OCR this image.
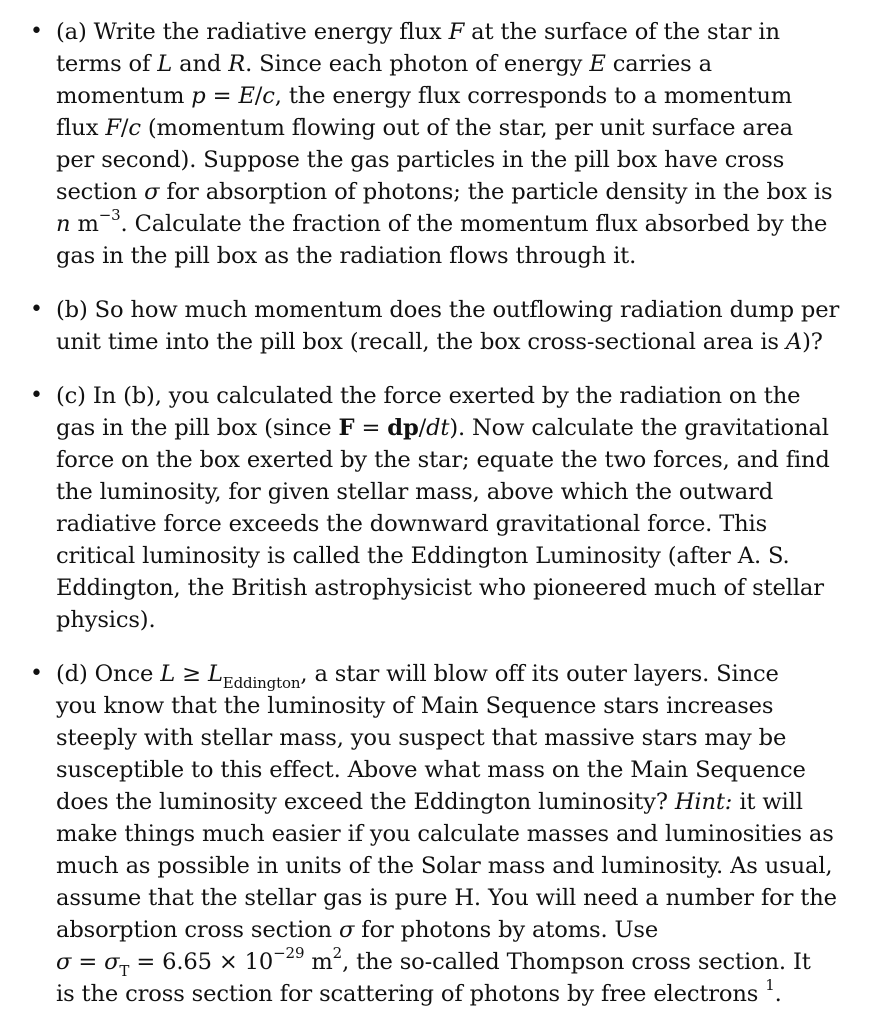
• (a) Write the radiative energy flux F at the surface of the star in
terms of L and R. Since each photon of energy E carries a
momentum p = E/c, the energy flux corresponds to a momentum
flux F/c (momentum flowing out of the star, per unit surface area
per second). Suppose the gas particles in the pill box have cross
section σ for absorption of photons; the particle density in the box is
n $m^{-3}$. Calculate the fraction of the momentum flux absorbed by the
gas in the pill box as the radiation flows through it.
• (b) So how much momentum does the outflowing radiation dump per
unit time into the pill box (recall, the box cross-sectional area is A)?
• (c) In (b), you calculated the force exerted by the radiation on the
gas in the pill box (since F = dp/dt). Now calculate the gravitational
force on the box exerted by the star; equate the two forces, and find
the luminosity, for given stellar mass, above which the outward
radiative force exceeds the downward gravitational force. This
critical luminosity is called the Eddington Luminosity (after A. S.
Eddington, the British astrophysicist who pioneered much of stellar
physics).
• (d) Once $L \ge L_{Eddington}$, a star will blow off its outer layers. Since
you know that the luminosity of Main Sequence stars increases
steeply with stellar mass, you suspect that massive stars may be
susceptible to this effect. Above what mass on the Main Sequence
does the luminosity exceed the Eddington luminosity? Hint: it will
make things much easier if you calculate masses and luminosities as
much as possible in units of the Solar mass and luminosity. As usual,
assume that the stellar gas is pure H. You will need a number for the
absorption cross section σ for photons by atoms. Use
$\sigma = \sigma_T = 6.65 \times 10^{-29}$ $m^2$, the so-called Thompson cross section. It
is the cross section for scattering of photons by free electrons $^1$.
